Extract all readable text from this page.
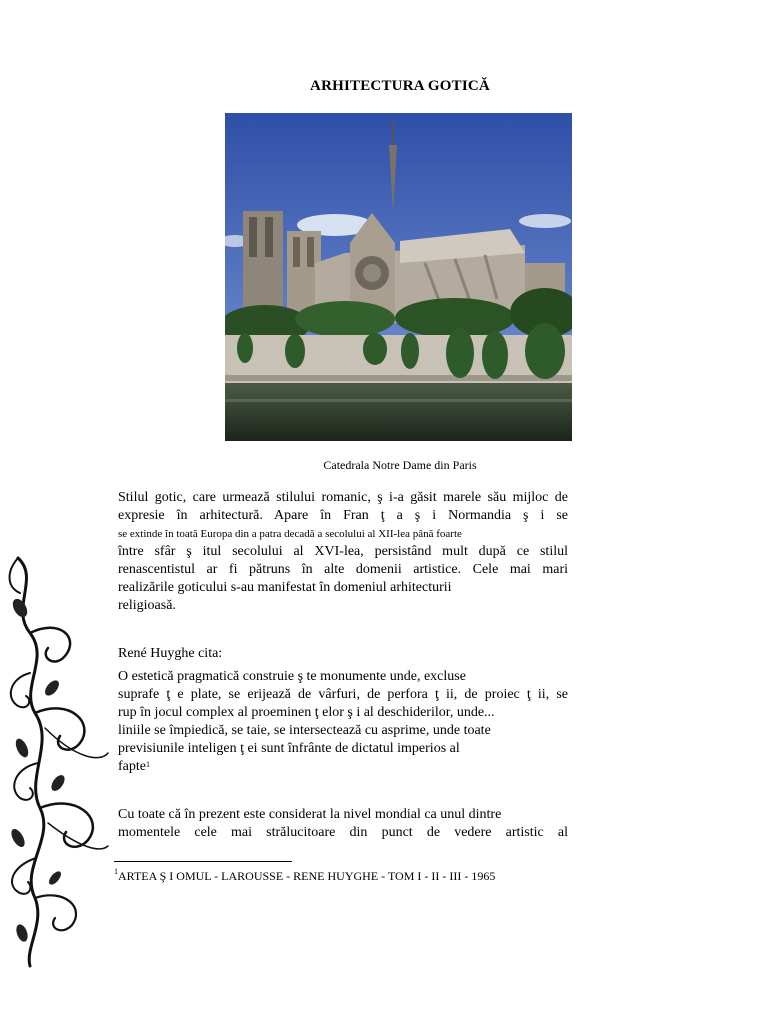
ARHITECTURA GOTICĂ
Catedrala Notre Dame din Paris
Stilul gotic, care urmează stilului romanic, ş i-a găsit marele său mijloc de
expresie în arhitectură. Apare în Fran ţ a ş i Normandia ş i se
se extinde în toată Europa din a patra decadă a secolului al XII-lea până foarte
între sfâr ş itul secolului al XVI-lea, persistând mult după ce stilul
renascentistul ar fi pătruns în alte domenii artistice. Cele mai mari
realizările goticului s-au manifestat în domeniul arhitecturii
religioasă.
René Huyghe cita:
O estetică pragmatică construie ş te monumente unde, excluse
suprafe ţ e plate, se erijează de vârfuri, de perfora ţ ii, de proiec ţ ii, se
rup în jocul complex al proeminen ţ elor ş i al deschiderilor, unde...
liniile se împiedică, se taie, se intersectează cu asprime, unde toate
previsiunile inteligen ţ ei sunt înfrânte de dictatul imperios al
fapte$^1$
Cu toate că în prezent este considerat la nivel mondial ca unul dintre
momentele cele mai strălucitoare din punct de vedere artistic al
$^1$ARTEA Ş I OMUL - LAROUSSE - RENE HUYGHE - TOM I - II - III - 1965
